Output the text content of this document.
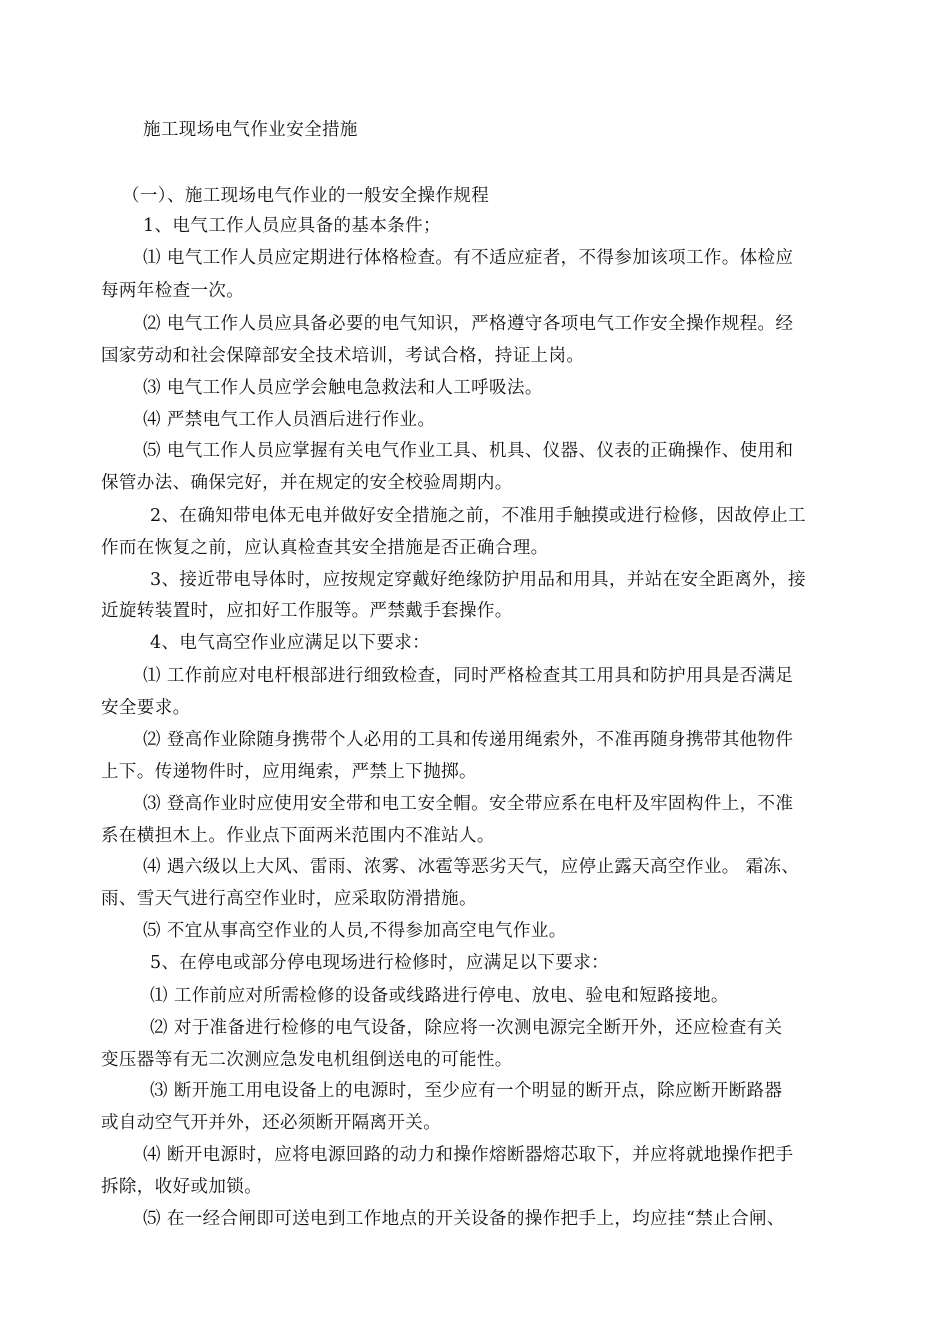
施工现场电气作业安全措施
（一）、施工现场电气作业的一般安全操作规程
1、电气工作人员应具备的基本条件；
⑴ 电气工作人员应定期进行体格检查。有不适应症者，不得参加该项工作。体检应
每两年检查一次。
⑵ 电气工作人员应具备必要的电气知识，严格遵守各项电气工作安全操作规程。经
国家劳动和社会保障部安全技术培训，考试合格，持证上岗。
⑶ 电气工作人员应学会触电急救法和人工呼吸法。
⑷ 严禁电气工作人员酒后进行作业。
⑸ 电气工作人员应掌握有关电气作业工具、机具、仪器、仪表的正确操作、使用和
保管办法、确保完好，并在规定的安全校验周期内。
2、在确知带电体无电并做好安全措施之前，不准用手触摸或进行检修，因故停止工
作而在恢复之前，应认真检查其安全措施是否正确合理。
3、接近带电导体时，应按规定穿戴好绝缘防护用品和用具，并站在安全距离外，接
近旋转装置时，应扣好工作服等。严禁戴手套操作。
4、电气高空作业应满足以下要求：
⑴ 工作前应对电杆根部进行细致检查，同时严格检查其工用具和防护用具是否满足
安全要求。
⑵ 登高作业除随身携带个人必用的工具和传递用绳索外，不准再随身携带其他物件
上下。传递物件时，应用绳索，严禁上下抛掷。
⑶ 登高作业时应使用安全带和电工安全帽。安全带应系在电杆及牢固构件上，不准
系在横担木上。作业点下面两米范围内不准站人。
⑷ 遇六级以上大风、雷雨、浓雾、冰雹等恶劣天气，应停止露天高空作业。 霜冻、
雨、雪天气进行高空作业时，应采取防滑措施。
⑸ 不宜从事高空作业的人员,不得参加高空电气作业。
5、在停电或部分停电现场进行检修时，应满足以下要求：
⑴ 工作前应对所需检修的设备或线路进行停电、放电、验电和短路接地。
⑵ 对于准备进行检修的电气设备，除应将一次测电源完全断开外，还应检查有关
变压器等有无二次测应急发电机组倒送电的可能性。
⑶ 断开施工用电设备上的电源时，至少应有一个明显的断开点，除应断开断路器
或自动空气开并外，还必须断开隔离开关。
⑷ 断开电源时，应将电源回路的动力和操作熔断器熔芯取下，并应将就地操作把手
拆除，收好或加锁。
⑸ 在一经合闸即可送电到工作地点的开关设备的操作把手上，均应挂“禁止合闸、
